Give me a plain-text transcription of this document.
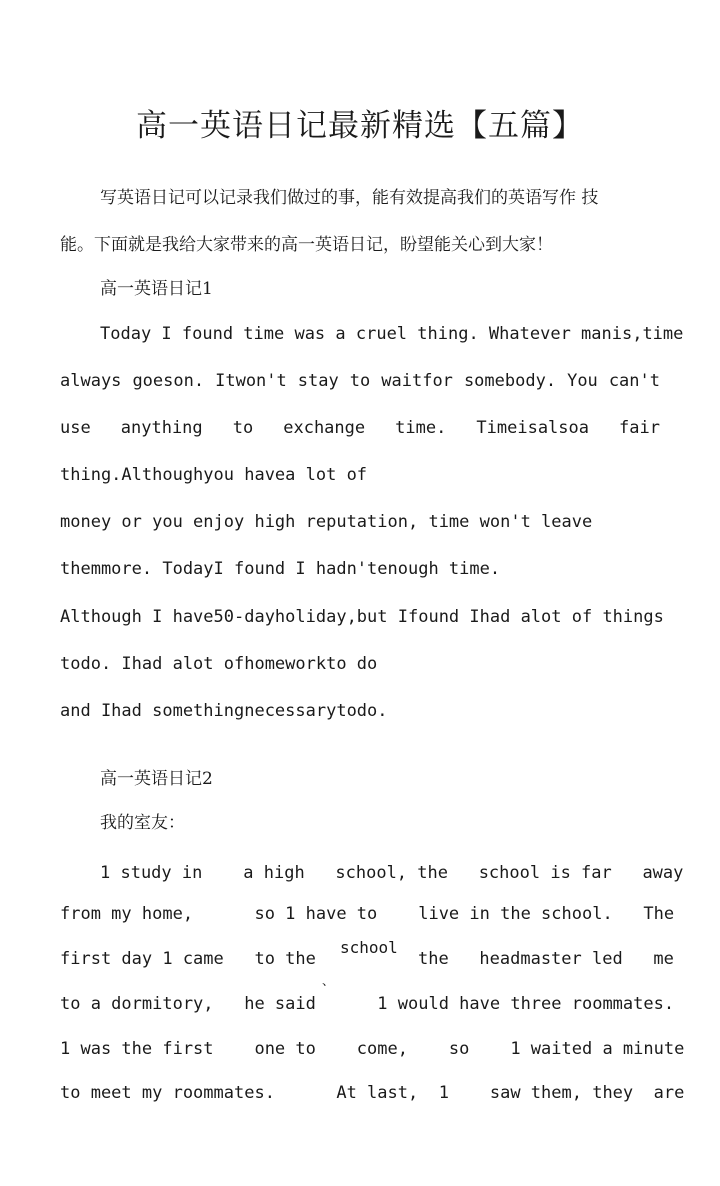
高一英语日记最新精选【五篇】
写英语日记可以记录我们做过的事，能有效提高我们的英语写作 技
能。下面就是我给大家带来的高一英语日记，盼望能关心到大家！
高一英语日记1
Today I found time was a cruel thing. Whatever manis,time
always goeson. Itwon't stay to waitfor somebody. You can't
use anything to exchange time. Timeisalsoa fair
thing.Althoughyou havea lot of
money or you enjoy high reputation, time won't leave
themmore. TodayI found I hadn'tenough time.
Although I have50-dayholiday,but Ifound Ihad alot of things
todo. Ihad alot ofhomeworkto do
and Ihad somethingnecessarytodo.
高一英语日记2
我的室友：
1 study in    a high   school, the   school is far   away
from my home,      so 1 have to    live in the school.   The
first day 1 came   to the
school
、
the   headmaster led   me
to a dormitory,   he said      1 would have three roommates.
1 was the first    one to    come,    so    1 waited a minute
to meet my roommates.      At last,  1    saw them, they  are
